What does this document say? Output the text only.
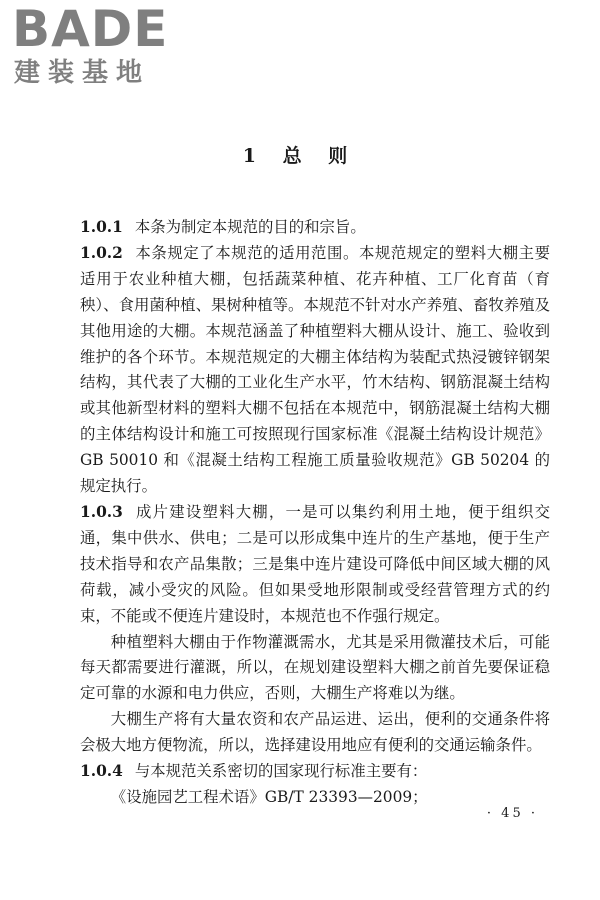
BADE
建装基地
1 总 则

1.0.1 本条为制定本规范的目的和宗旨。

1.0.2 本条规定了本规范的适用范围。本规范规定的塑料大棚主要适用于农业种植大棚，包括蔬菜种植、花卉种植、工厂化育苗（育秧）、食用菌种植、果树种植等。本规范不针对水产养殖、畜牧养殖及其他用途的大棚。本规范涵盖了种植塑料大棚从设计、施工、验收到维护的各个环节。本规范规定的大棚主体结构为装配式热浸镀锌钢架结构，其代表了大棚的工业化生产水平，竹木结构、钢筋混凝土结构或其他新型材料的塑料大棚不包括在本规范中，钢筋混凝土结构大棚的主体结构设计和施工可按照现行国家标准《混凝土结构设计规范》GB 50010 和《混凝土结构工程施工质量验收规范》GB 50204 的规定执行。

1.0.3 成片建设塑料大棚，一是可以集约利用土地，便于组织交通，集中供水、供电；二是可以形成集中连片的生产基地，便于生产技术指导和农产品集散；三是集中连片建设可降低中间区域大棚的风荷载，减小受灾的风险。但如果受地形限制或受经营管理方式的约束，不能或不便连片建设时，本规范也不作强行规定。

种植塑料大棚由于作物灌溉需水，尤其是采用微灌技术后，可能每天都需要进行灌溉，所以，在规划建设塑料大棚之前首先要保证稳定可靠的水源和电力供应，否则，大棚生产将难以为继。

大棚生产将有大量农资和农产品运进、运出，便利的交通条件将会极大地方便物流，所以，选择建设用地应有便利的交通运输条件。

1.0.4 与本规范关系密切的国家现行标准主要有：

《设施园艺工程术语》GB/T 23393—2009；

· 45 ·
